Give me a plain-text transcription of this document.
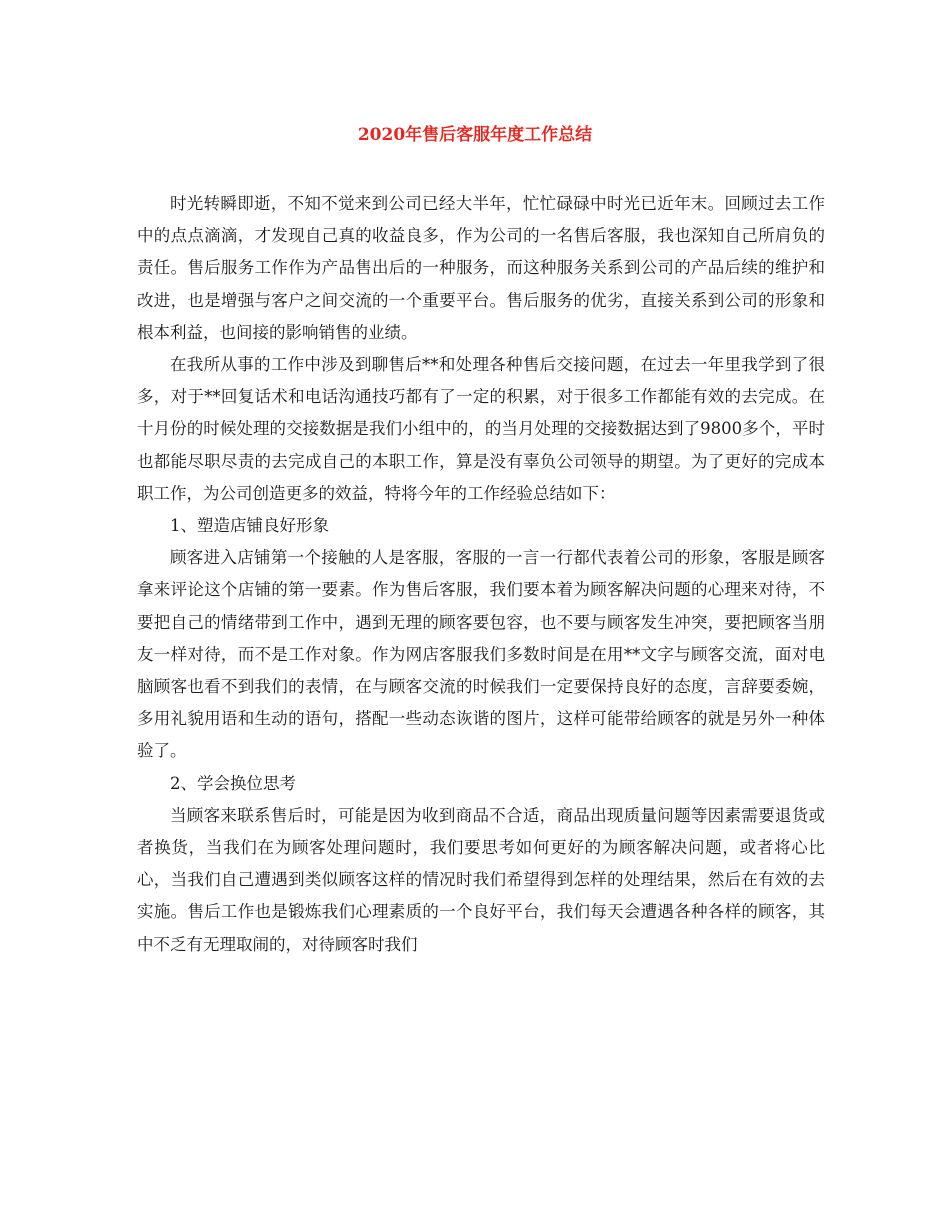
2020年售后客服年度工作总结

时光转瞬即逝，不知不觉来到公司已经大半年，忙忙碌碌中时光已近年末。回顾过去工作中的点点滴滴，才发现自己真的收益良多，作为公司的一名售后客服，我也深知自己所肩负的责任。售后服务工作作为产品售出后的一种服务，而这种服务关系到公司的产品后续的维护和改进，也是增强与客户之间交流的一个重要平台。售后服务的优劣，直接关系到公司的形象和根本利益，也间接的影响销售的业绩。

在我所从事的工作中涉及到聊售后**和处理各种售后交接问题，在过去一年里我学到了很多，对于**回复话术和电话沟通技巧都有了一定的积累，对于很多工作都能有效的去完成。在十月份的时候处理的交接数据是我们小组中的，的当月处理的交接数据达到了9800多个，平时也都能尽职尽责的去完成自己的本职工作，算是没有辜负公司领导的期望。为了更好的完成本职工作，为公司创造更多的效益，特将今年的工作经验总结如下：

1、塑造店铺良好形象

顾客进入店铺第一个接触的人是客服，客服的一言一行都代表着公司的形象，客服是顾客拿来评论这个店铺的第一要素。作为售后客服，我们要本着为顾客解决问题的心理来对待，不要把自己的情绪带到工作中，遇到无理的顾客要包容，也不要与顾客发生冲突，要把顾客当朋友一样对待，而不是工作对象。作为网店客服我们多数时间是在用**文字与顾客交流，面对电脑顾客也看不到我们的表情，在与顾客交流的时候我们一定要保持良好的态度，言辞要委婉，多用礼貌用语和生动的语句，搭配一些动态诙谐的图片，这样可能带给顾客的就是另外一种体验了。

2、学会换位思考

当顾客来联系售后时，可能是因为收到商品不合适，商品出现质量问题等因素需要退货或者换货，当我们在为顾客处理问题时，我们要思考如何更好的为顾客解决问题，或者将心比心，当我们自己遭遇到类似顾客这样的情况时我们希望得到怎样的处理结果，然后在有效的去实施。售后工作也是锻炼我们心理素质的一个良好平台，我们每天会遭遇各种各样的顾客，其中不乏有无理取闹的，对待顾客时我们
